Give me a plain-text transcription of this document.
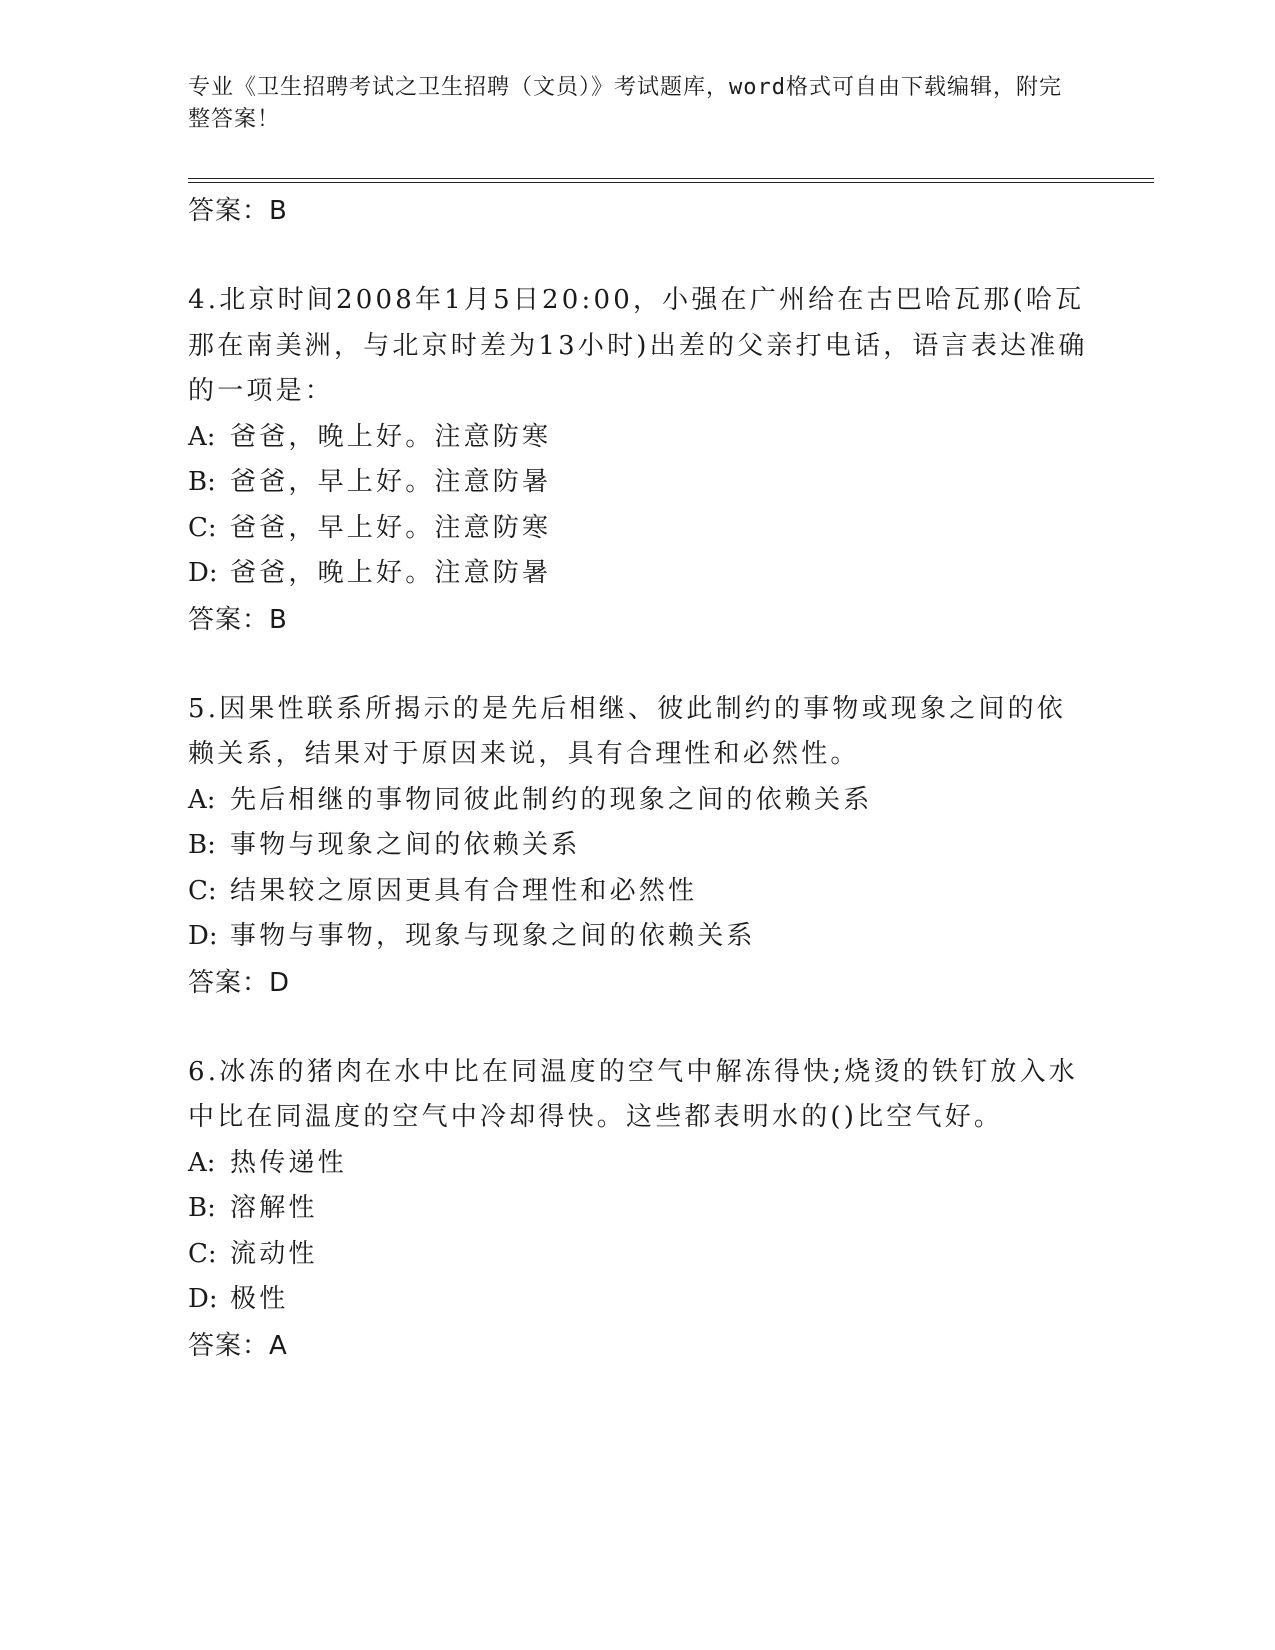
专业《卫生招聘考试之卫生招聘（文员）》考试题库，word格式可自由下载编辑，附完整答案！
答案：B
4.北京时间2008年1月5日20:00，小强在广州给在古巴哈瓦那(哈瓦那在南美洲，与北京时差为13小时)出差的父亲打电话，语言表达准确的一项是：
A: 爸爸，晚上好。注意防寒
B: 爸爸，早上好。注意防暑
C: 爸爸，早上好。注意防寒
D: 爸爸，晚上好。注意防暑
答案：B
5.因果性联系所揭示的是先后相继、彼此制约的事物或现象之间的依赖关系，结果对于原因来说，具有合理性和必然性。
A: 先后相继的事物同彼此制约的现象之间的依赖关系
B: 事物与现象之间的依赖关系
C: 结果较之原因更具有合理性和必然性
D: 事物与事物，现象与现象之间的依赖关系
答案：D
6.冰冻的猪肉在水中比在同温度的空气中解冻得快;烧烫的铁钉放入水中比在同温度的空气中冷却得快。这些都表明水的()比空气好。
A: 热传递性
B: 溶解性
C: 流动性
D: 极性
答案：A
